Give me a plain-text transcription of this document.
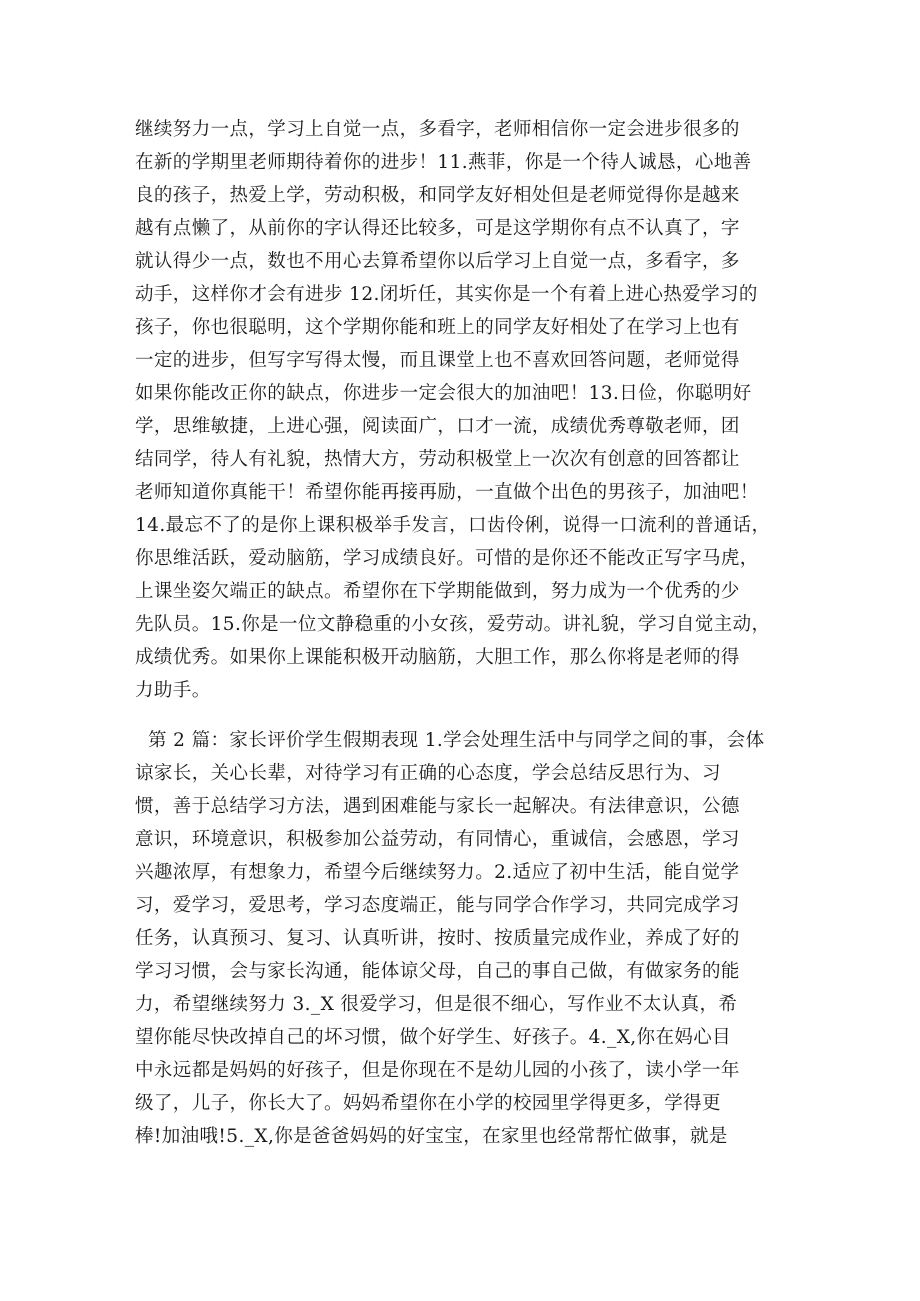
继续努力一点，学习上自觉一点，多看字，老师相信你一定会进步很多的
在新的学期里老师期待着你的进步！11.燕菲，你是一个待人诚恳，心地善
良的孩子，热爱上学，劳动积极，和同学友好相处但是老师觉得你是越来
越有点懒了，从前你的字认得还比较多，可是这学期你有点不认真了，字
就认得少一点，数也不用心去算希望你以后学习上自觉一点，多看字，多
动手，这样你才会有进步 12.闭圻任，其实你是一个有着上进心热爱学习的
孩子，你也很聪明，这个学期你能和班上的同学友好相处了在学习上也有
一定的进步，但写字写得太慢，而且课堂上也不喜欢回答问题，老师觉得
如果你能改正你的缺点，你进步一定会很大的加油吧！13.日俭，你聪明好
学，思维敏捷，上进心强，阅读面广，口才一流，成绩优秀尊敬老师，团
结同学，待人有礼貌，热情大方，劳动积极堂上一次次有创意的回答都让
老师知道你真能干！希望你能再接再励，一直做个出色的男孩子，加油吧！
14.最忘不了的是你上课积极举手发言，口齿伶俐，说得一口流利的普通话，
你思维活跃，爱动脑筋，学习成绩良好。可惜的是你还不能改正写字马虎，
上课坐姿欠端正的缺点。希望你在下学期能做到，努力成为一个优秀的少
先队员。15.你是一位文静稳重的小女孩，爱劳动。讲礼貌，学习自觉主动，
成绩优秀。如果你上课能积极开动脑筋，大胆工作，那么你将是老师的得
力助手。
第 2 篇：家长评价学生假期表现 1.学会处理生活中与同学之间的事，会体
谅家长，关心长辈，对待学习有正确的心态度，学会总结反思行为、习
惯，善于总结学习方法，遇到困难能与家长一起解决。有法律意识，公德
意识，环境意识，积极参加公益劳动，有同情心，重诚信，会感恩，学习
兴趣浓厚，有想象力，希望今后继续努力。2.适应了初中生活，能自觉学
习，爱学习，爱思考，学习态度端正，能与同学合作学习，共同完成学习
任务，认真预习、复习、认真听讲，按时、按质量完成作业，养成了好的
学习习惯，会与家长沟通，能体谅父母，自己的事自己做，有做家务的能
力，希望继续努力 3._X 很爱学习，但是很不细心，写作业不太认真，希
望你能尽快改掉自己的坏习惯，做个好学生、好孩子。4._X,你在妈心目
中永远都是妈妈的好孩子，但是你现在不是幼儿园的小孩了，读小学一年
级了，儿子，你长大了。妈妈希望你在小学的校园里学得更多，学得更
棒!加油哦!5._X,你是爸爸妈妈的好宝宝，在家里也经常帮忙做事，就是
